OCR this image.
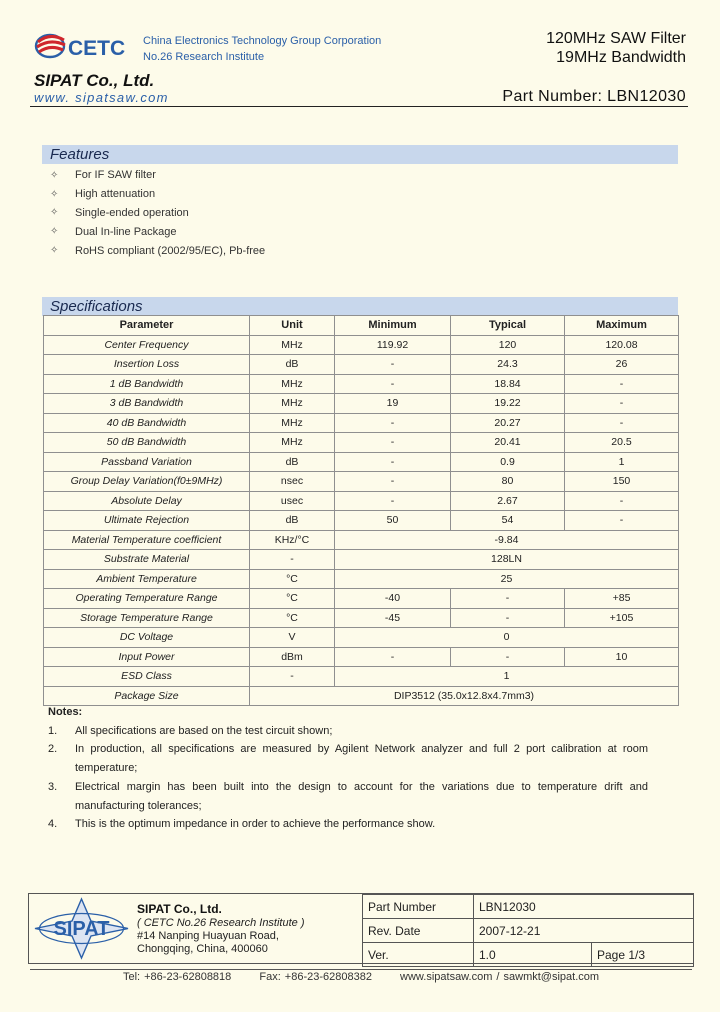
CETC China Electronics Technology Group Corporation
No.26 Research Institute
120MHz SAW Filter
19MHz Bandwidth
SIPAT Co., Ltd.
www. sipatsaw.com	Part Number: LBN12030
Features
✧	For IF SAW filter
✧	High attenuation
✧	Single-ended operation
✧	Dual In-line Package
✧	RoHS compliant (2002/95/EC), Pb-free
Specifications
Parameter	Unit	Minimum	Typical	Maximum
Center Frequency	MHz	119.92	120	120.08
Insertion Loss	dB	-	24.3	26
1 dB Bandwidth	MHz	-	18.84	-
3 dB Bandwidth	MHz	19	19.22	-
40 dB Bandwidth	MHz	-	20.27	-
50 dB Bandwidth	MHz	-	20.41	20.5
Passband Variation	dB	-	0.9	1
Group Delay Variation(f0±9MHz)	nsec	-	80	150
Absolute Delay	usec	-	2.67	-
Ultimate Rejection	dB	50	54	-
Material Temperature coefficient	KHz/°C	-9.84		
Substrate Material	-	128LN		
Ambient Temperature	°C	25		
Operating Temperature Range	°C	-40	-	+85
Storage Temperature Range	°C	-45	-	+105
DC Voltage	V	0		
Input Power	dBm	-	-	10
ESD Class	-	1		
Package Size	DIP3512 (35.0x12.8x4.7mm3)			
Notes:
1. All specifications are based on the test circuit shown;
2. In production, all specifications are measured by Agilent Network analyzer and full 2 port calibration at room temperature;
3. Electrical margin has been built into the design to account for the variations due to temperature drift and manufacturing tolerances;
4. This is the optimum impedance in order to achieve the performance show.
SIPAT
SIPAT Co., Ltd.
( CETC No.26 Research Institute )
#14 Nanping Huayuan Road,
Chongqing, China, 400060
Part Number	LBN12030	
Rev. Date	2007-12-21	
Ver.	1.0	Page 1/3
Tel: +86-23-62808818	Fax: +86-23-62808382	www.sipatsaw.com / sawmkt@sipat.com
